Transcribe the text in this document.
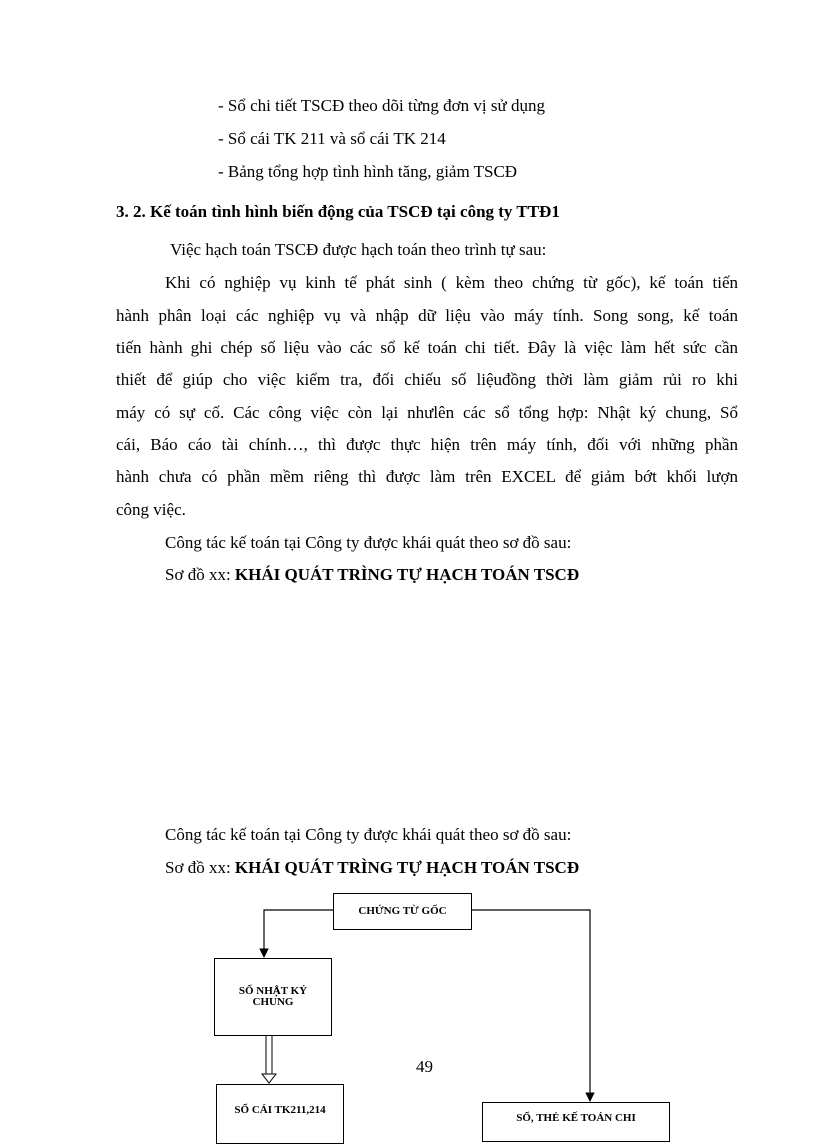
- Sổ chi tiết TSCĐ theo dõi từng đơn vị sử dụng
- Sổ cái TK 211 và sổ cái TK 214
- Bảng tổng hợp tình hình tăng, giảm TSCĐ
3. 2. Kế toán tình hình biến động của TSCĐ tại công ty TTĐ1
Việc hạch toán TSCĐ được hạch toán theo trình tự sau:
Khi có nghiệp vụ kinh tế phát sinh ( kèm theo chứng từ gốc), kế toán tiến
hành phân loại các nghiệp vụ và nhập dữ liệu vào máy tính. Song song, kế toán
tiến hành ghi chép số liệu vào các sổ kế toán chi tiết. Đây là việc làm hết sức cần
thiết để giúp cho việc kiểm tra, đối chiếu số liệuđồng thời làm giảm rủi ro khi
máy có sự cố. Các công việc còn lại nhưlên các sổ tổng hợp: Nhật ký chung, Sổ
cái, Báo cáo tài chính…, thì được thực hiện trên máy tính, đối với những phần
hành chưa có phần mềm riêng thì được làm trên EXCEL để giảm bớt khối lượn
công việc.
Công tác kế toán tại Công ty được khái quát theo sơ đồ sau:
Sơ đồ xx: KHÁI QUÁT TRÌNG TỰ HẠCH TOÁN TSCĐ
Công tác kế toán tại Công ty được khái quát theo sơ đồ sau:
Sơ đồ xx: KHÁI QUÁT TRÌNG TỰ HẠCH TOÁN TSCĐ
CHỨNG TỪ GỐC
SỔ NHẬT KÝ CHUNG
SỔ CÁI TK211,214
SỔ, THẺ KẾ TOÁN CHI
49
